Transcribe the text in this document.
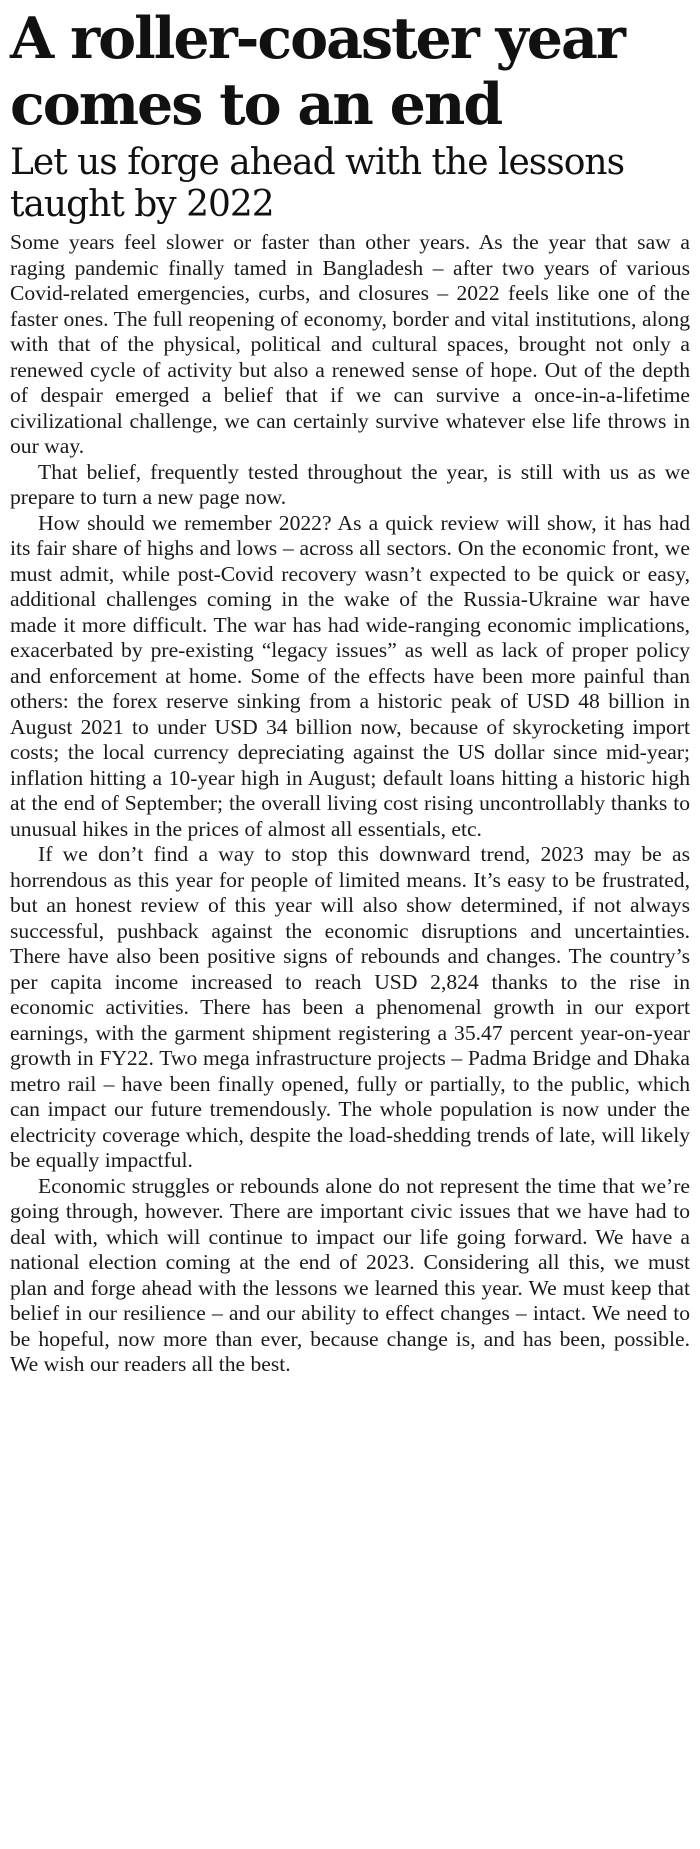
A roller-coaster year comes to an end
Let us forge ahead with the lessons taught by 2022

Some years feel slower or faster than other years. As the year that saw a raging pandemic finally tamed in Bangladesh – after two years of various Covid-related emergencies, curbs, and closures – 2022 feels like one of the faster ones. The full reopening of economy, border and vital institutions, along with that of the physical, political and cultural spaces, brought not only a renewed cycle of activity but also a renewed sense of hope. Out of the depth of despair emerged a belief that if we can survive a once-in-a-lifetime civilizational challenge, we can certainly survive whatever else life throws in our way.

That belief, frequently tested throughout the year, is still with us as we prepare to turn a new page now.

How should we remember 2022? As a quick review will show, it has had its fair share of highs and lows – across all sectors. On the economic front, we must admit, while post-Covid recovery wasn’t expected to be quick or easy, additional challenges coming in the wake of the Russia-Ukraine war have made it more difficult. The war has had wide-ranging economic implications, exacerbated by pre-existing “legacy issues” as well as lack of proper policy and enforcement at home. Some of the effects have been more painful than others: the forex reserve sinking from a historic peak of USD 48 billion in August 2021 to under USD 34 billion now, because of skyrocketing import costs; the local currency depreciating against the US dollar since mid-year; inflation hitting a 10-year high in August; default loans hitting a historic high at the end of September; the overall living cost rising uncontrollably thanks to unusual hikes in the prices of almost all essentials, etc.

If we don’t find a way to stop this downward trend, 2023 may be as horrendous as this year for people of limited means. It’s easy to be frustrated, but an honest review of this year will also show determined, if not always successful, pushback against the economic disruptions and uncertainties. There have also been positive signs of rebounds and changes. The country’s per capita income increased to reach USD 2,824 thanks to the rise in economic activities. There has been a phenomenal growth in our export earnings, with the garment shipment registering a 35.47 percent year-on-year growth in FY22. Two mega infrastructure projects – Padma Bridge and Dhaka metro rail – have been finally opened, fully or partially, to the public, which can impact our future tremendously. The whole population is now under the electricity coverage which, despite the load-shedding trends of late, will likely be equally impactful.

Economic struggles or rebounds alone do not represent the time that we’re going through, however. There are important civic issues that we have had to deal with, which will continue to impact our life going forward. We have a national election coming at the end of 2023. Considering all this, we must plan and forge ahead with the lessons we learned this year. We must keep that belief in our resilience – and our ability to effect changes – intact. We need to be hopeful, now more than ever, because change is, and has been, possible. We wish our readers all the best.
